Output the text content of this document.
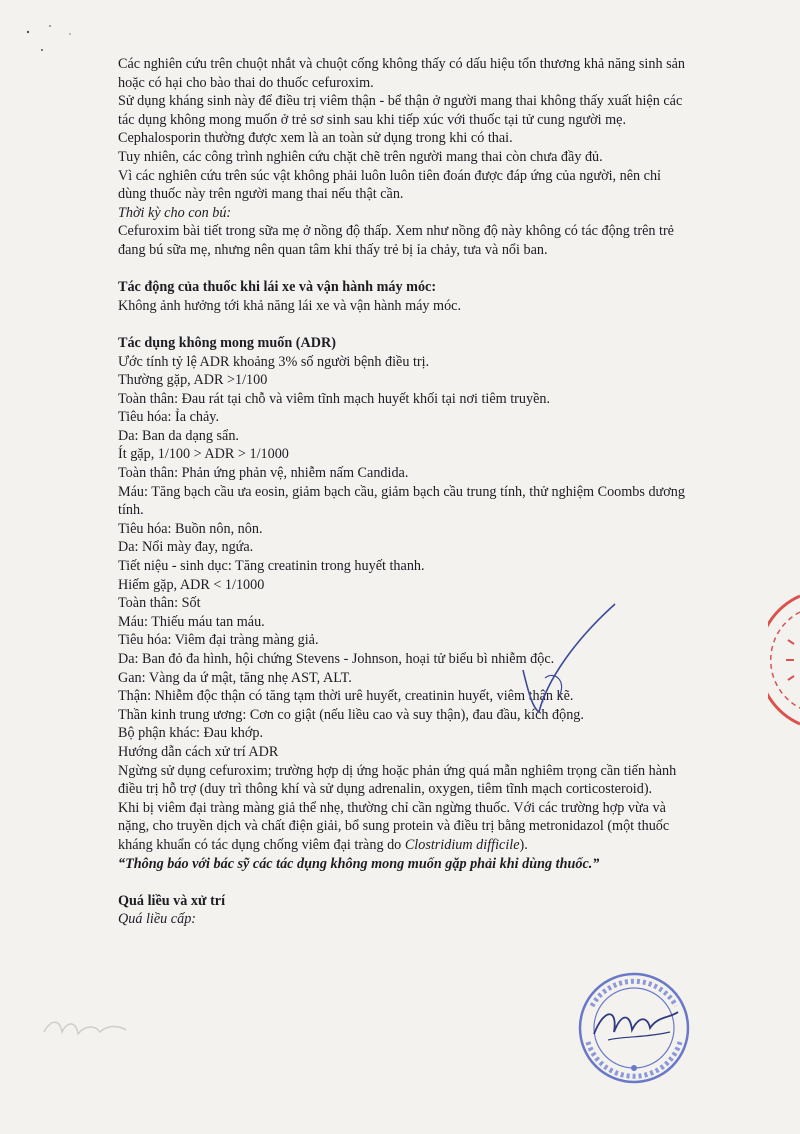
Các nghiên cứu trên chuột nhắt và chuột cống không thấy có dấu hiệu tổn thương khả năng sinh sản hoặc có hại cho bào thai do thuốc cefuroxim.

Sử dụng kháng sinh này để điều trị viêm thận - bể thận ở người mang thai không thấy xuất hiện các tác dụng không mong muốn ở trẻ sơ sinh sau khi tiếp xúc với thuốc tại tử cung người mẹ. Cephalosporin thường được xem là an toàn sử dụng trong khi có thai.

Tuy nhiên, các công trình nghiên cứu chặt chẽ trên người mang thai còn chưa đầy đủ.

Vì các nghiên cứu trên súc vật không phải luôn luôn tiên đoán được đáp ứng của người, nên chỉ dùng thuốc này trên người mang thai nếu thật cần.

Thời kỳ cho con bú:

Cefuroxim bài tiết trong sữa mẹ ở nồng độ thấp. Xem như nồng độ này không có tác động trên trẻ đang bú sữa mẹ, nhưng nên quan tâm khi thấy trẻ bị ỉa chảy, tưa và nổi ban.

Tác động của thuốc khi lái xe và vận hành máy móc:

Không ảnh hưởng tới khả năng lái xe và vận hành máy móc.

Tác dụng không mong muốn (ADR)

Ước tính tỷ lệ ADR khoảng 3% số người bệnh điều trị.

Thường gặp, ADR >1/100

Toàn thân: Đau rát tại chỗ và viêm tĩnh mạch huyết khối tại nơi tiêm truyền.

Tiêu hóa: Ỉa chảy.

Da: Ban da dạng sẩn.

Ít gặp, 1/100 > ADR > 1/1000

Toàn thân: Phản ứng phản vệ, nhiễm nấm Candida.

Máu: Tăng bạch cầu ưa eosin, giảm bạch cầu, giảm bạch cầu trung tính, thử nghiệm Coombs dương tính.

Tiêu hóa: Buồn nôn, nôn.

Da: Nổi mày đay, ngứa.

Tiết niệu - sinh dục: Tăng creatinin trong huyết thanh.

Hiếm gặp, ADR < 1/1000

Toàn thân: Sốt

Máu: Thiếu máu tan máu.

Tiêu hóa: Viêm đại tràng màng giả.

Da: Ban đỏ đa hình, hội chứng Stevens - Johnson, hoại tử biểu bì nhiễm độc.

Gan: Vàng da ứ mật, tăng nhẹ AST, ALT.

Thận: Nhiễm độc thận có tăng tạm thời urê huyết, creatinin huyết, viêm thận kẽ.

Thần kinh trung ương: Cơn co giật (nếu liều cao và suy thận), đau đầu, kích động.

Bộ phận khác: Đau khớp.

Hướng dẫn cách xử trí ADR

Ngừng sử dụng cefuroxim; trường hợp dị ứng hoặc phản ứng quá mẫn nghiêm trọng cần tiến hành điều trị hỗ trợ (duy trì thông khí và sử dụng adrenalin, oxygen, tiêm tĩnh mạch corticosteroid).

Khi bị viêm đại tràng màng giả thể nhẹ, thường chỉ cần ngừng thuốc. Với các trường hợp vừa và nặng, cho truyền dịch và chất điện giải, bổ sung protein và điều trị bằng metronidazol (một thuốc kháng khuẩn có tác dụng chống viêm đại tràng do Clostridium difficile).

“Thông báo với bác sỹ các tác dụng không mong muốn gặp phải khi dùng thuốc.”

Quá liều và xử trí

Quá liều cấp:
